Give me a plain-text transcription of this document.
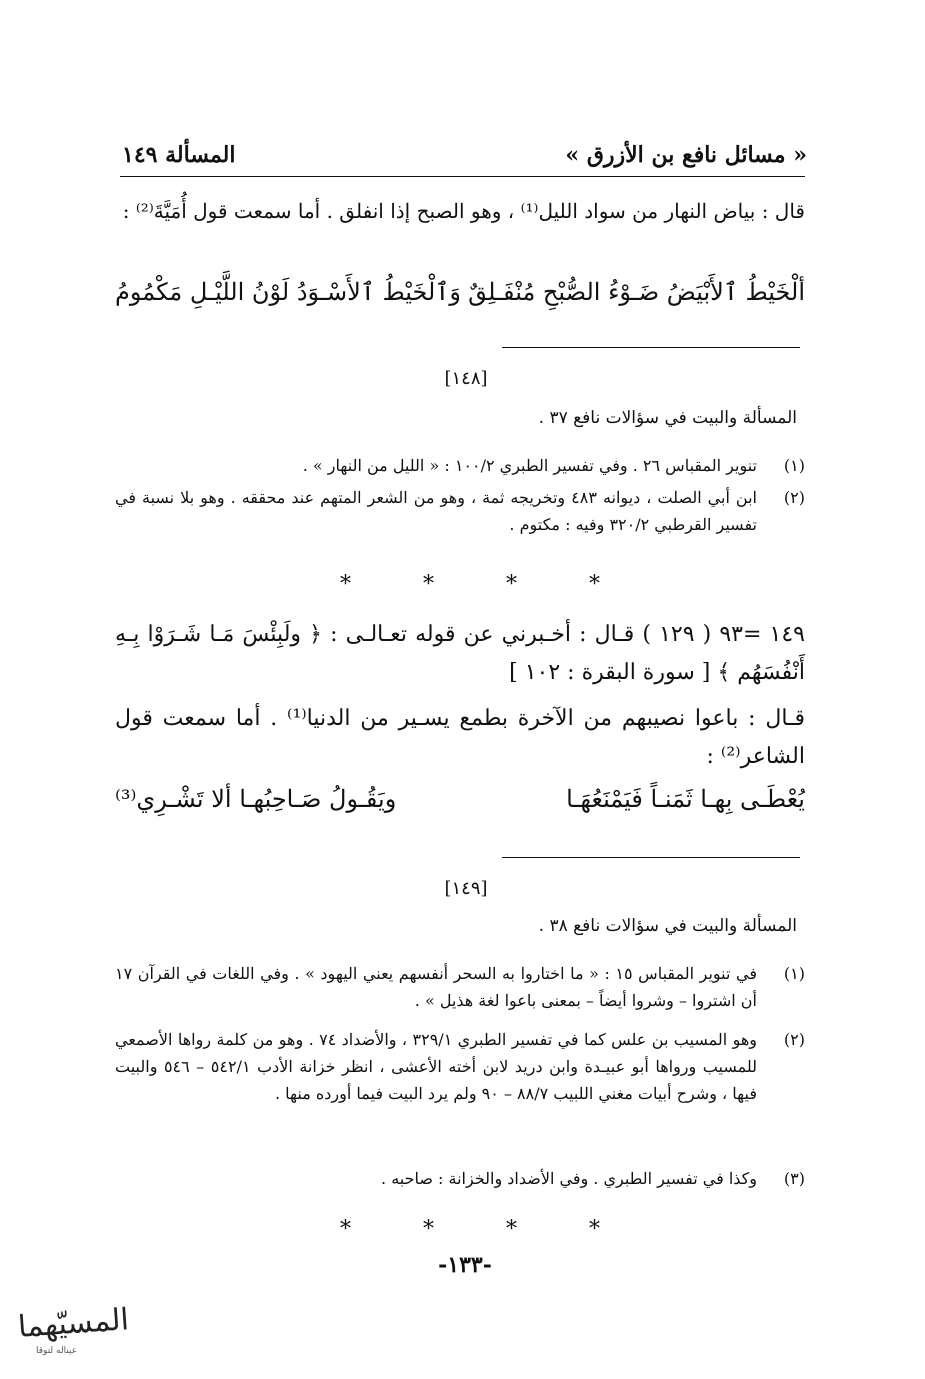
« مسائل نافع بن الأزرق »
المسألة ١٤٩
قال : بياض النهار من سواد الليل⁽¹⁾ ، وهو الصبح إذا انفلق . أما سمعت قول أُمَيَّةَ⁽²⁾ :
ألْخَيْطُ ٱلأَبْيَضُ ضَـوْءُ الصُّبْحِ مُنْفَـلِقٌ
وَٱلْخَيْطُ ٱلأَسْـوَدُ لَوْنُ اللَّيْـلِ مَكْمُومُ
[١٤٨]
المسألة والبيت في سؤالات نافع ٣٧ .
(١)
تنوير المقباس ٢٦ . وفي تفسير الطبري ١٠٠/٢ : « الليل من النهار » .
(٢)
ابن أبي الصلت ، ديوانه ٤٨٣ وتخريجه ثمة ، وهو من الشعر المتهم عند محققه . وهو بلا نسبة في تفسير القرطبي ٣٢٠/٢ وفيه : مكتوم .
*	*	*	*
١٤٩ =٩٣ ( ١٢٩ ) قـال : أخـبرني عن قوله تعـالـى : ﴿ ولَبِئْسَ مَـا شَـرَوْا بِـهِ أَنْفُسَهُم ﴾ [ سورة البقرة : ١٠٢ ]
قـال : باعوا نصيبهم من الآخرة بطمع يسـير من الدنيا⁽¹⁾ . أما سمعت قول الشاعر⁽²⁾ :
يُعْطَـى بِهـا ثَمَنـاً فَيَمْنَعُهَـا
ويَقُـولُ صَـاحِبُهـا ألا تَشْـرِي⁽³⁾
[١٤٩]
المسألة والبيت في سؤالات نافع ٣٨ .
(١)
في تنوير المقباس ١٥ : « ما اختاروا به السحر أنفسهم يعني اليهود » . وفي اللغات في القرآن ١٧ أن اشتروا – وشروا أيضاً – بمعنى باعوا لغة هذيل » .
(٢)
وهو المسيب بن علس كما في تفسير الطبري ٣٢٩/١ ، والأضداد ٧٤ . وهو من كلمة رواها الأصمعي للمسيب ورواها أبو عبيـدة وابن دريد لابن أخته الأعشى ، انظر خزانة الأدب ٥٤٢/١ – ٥٤٦ والبيت فيها ، وشرح أبيات مغني اللبيب ٨٨/٧ – ٩٠ ولم يرد البيت فيما أورده منها .
(٣)
وكذا في تفسير الطبري . وفي الأضداد والخزانة : صاحبه .
*	*	*	*
-١٣٣-
المسيّهما
عيناله لتوقا
